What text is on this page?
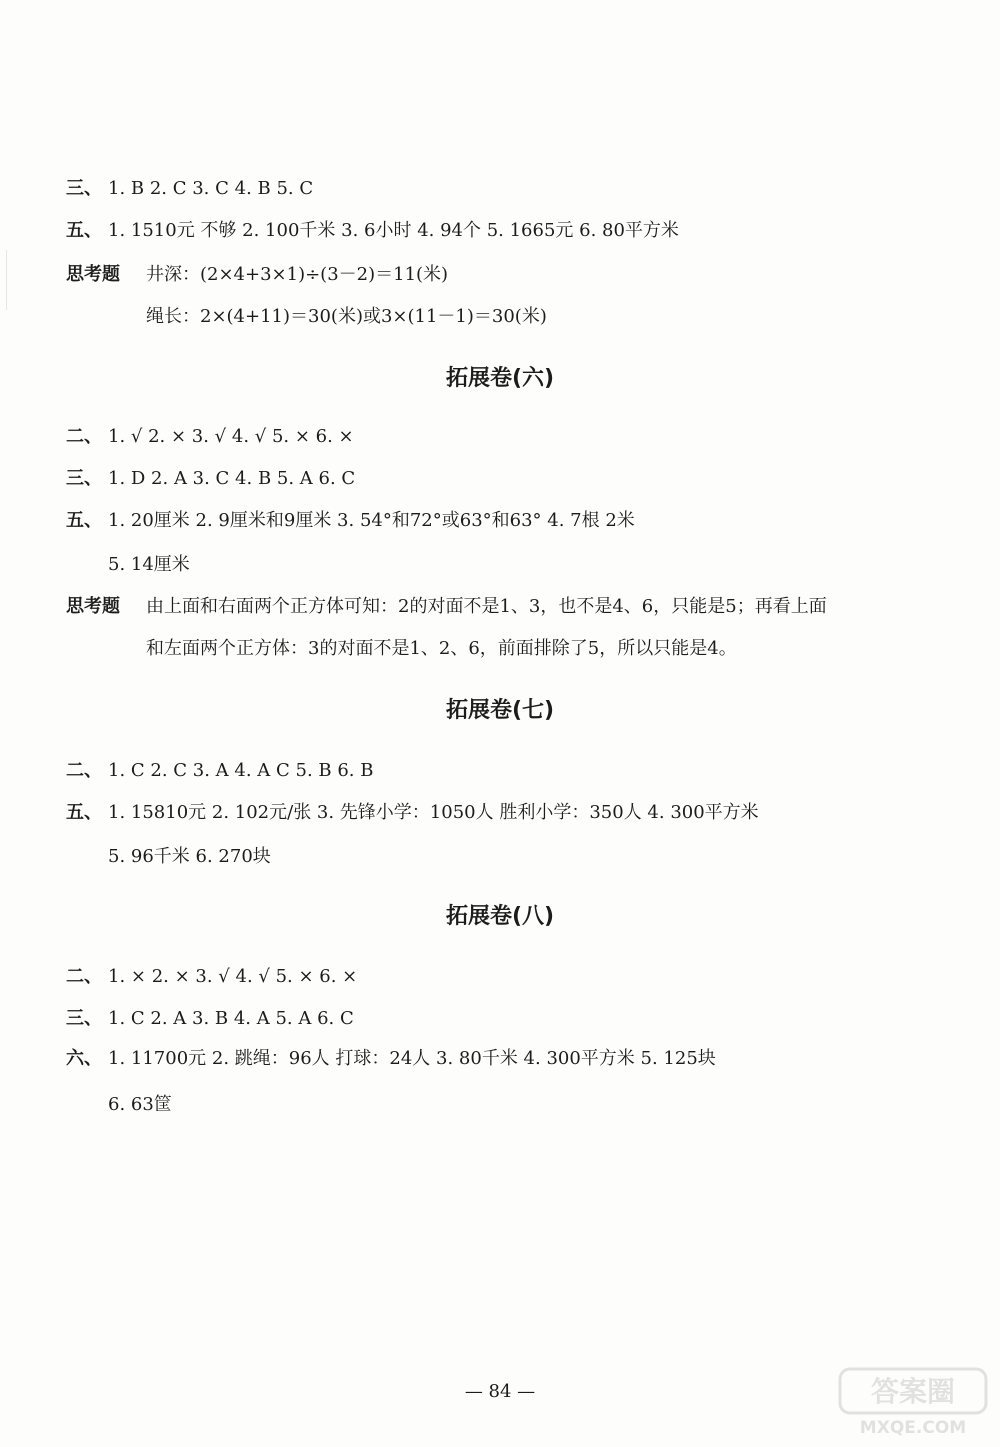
三、 1. B 2. C 3. C 4. B 5. C
五、 1. 1510元 不够 2. 100千米 3. 6小时 4. 94个 5. 1665元 6. 80平方米
思考题 井深：(2×4+3×1)÷(3－2)＝11(米)
绳长：2×(4+11)＝30(米)或3×(11－1)＝30(米)
拓展卷(六)
二、 1. √ 2. × 3. √ 4. √ 5. × 6. ×
三、 1. D 2. A 3. C 4. B 5. A 6. C
五、 1. 20厘米 2. 9厘米和9厘米 3. 54°和72°或63°和63° 4. 7根 2米
5. 14厘米
思考题 由上面和右面两个正方体可知：2的对面不是1、3，也不是4、6，只能是5；再看上面
和左面两个正方体：3的对面不是1、2、6，前面排除了5，所以只能是4。
拓展卷(七)
二、 1. C 2. C 3. A 4. A C 5. B 6. B
五、 1. 15810元 2. 102元/张 3. 先锋小学：1050人 胜利小学：350人 4. 300平方米
5. 96千米 6. 270块
拓展卷(八)
二、 1. × 2. × 3. √ 4. √ 5. × 6. ×
三、 1. C 2. A 3. B 4. A 5. A 6. C
六、 1. 11700元 2. 跳绳：96人 打球：24人 3. 80千米 4. 300平方米 5. 125块
6. 63筐
— 84 —	答案圈
MXQE.COM
